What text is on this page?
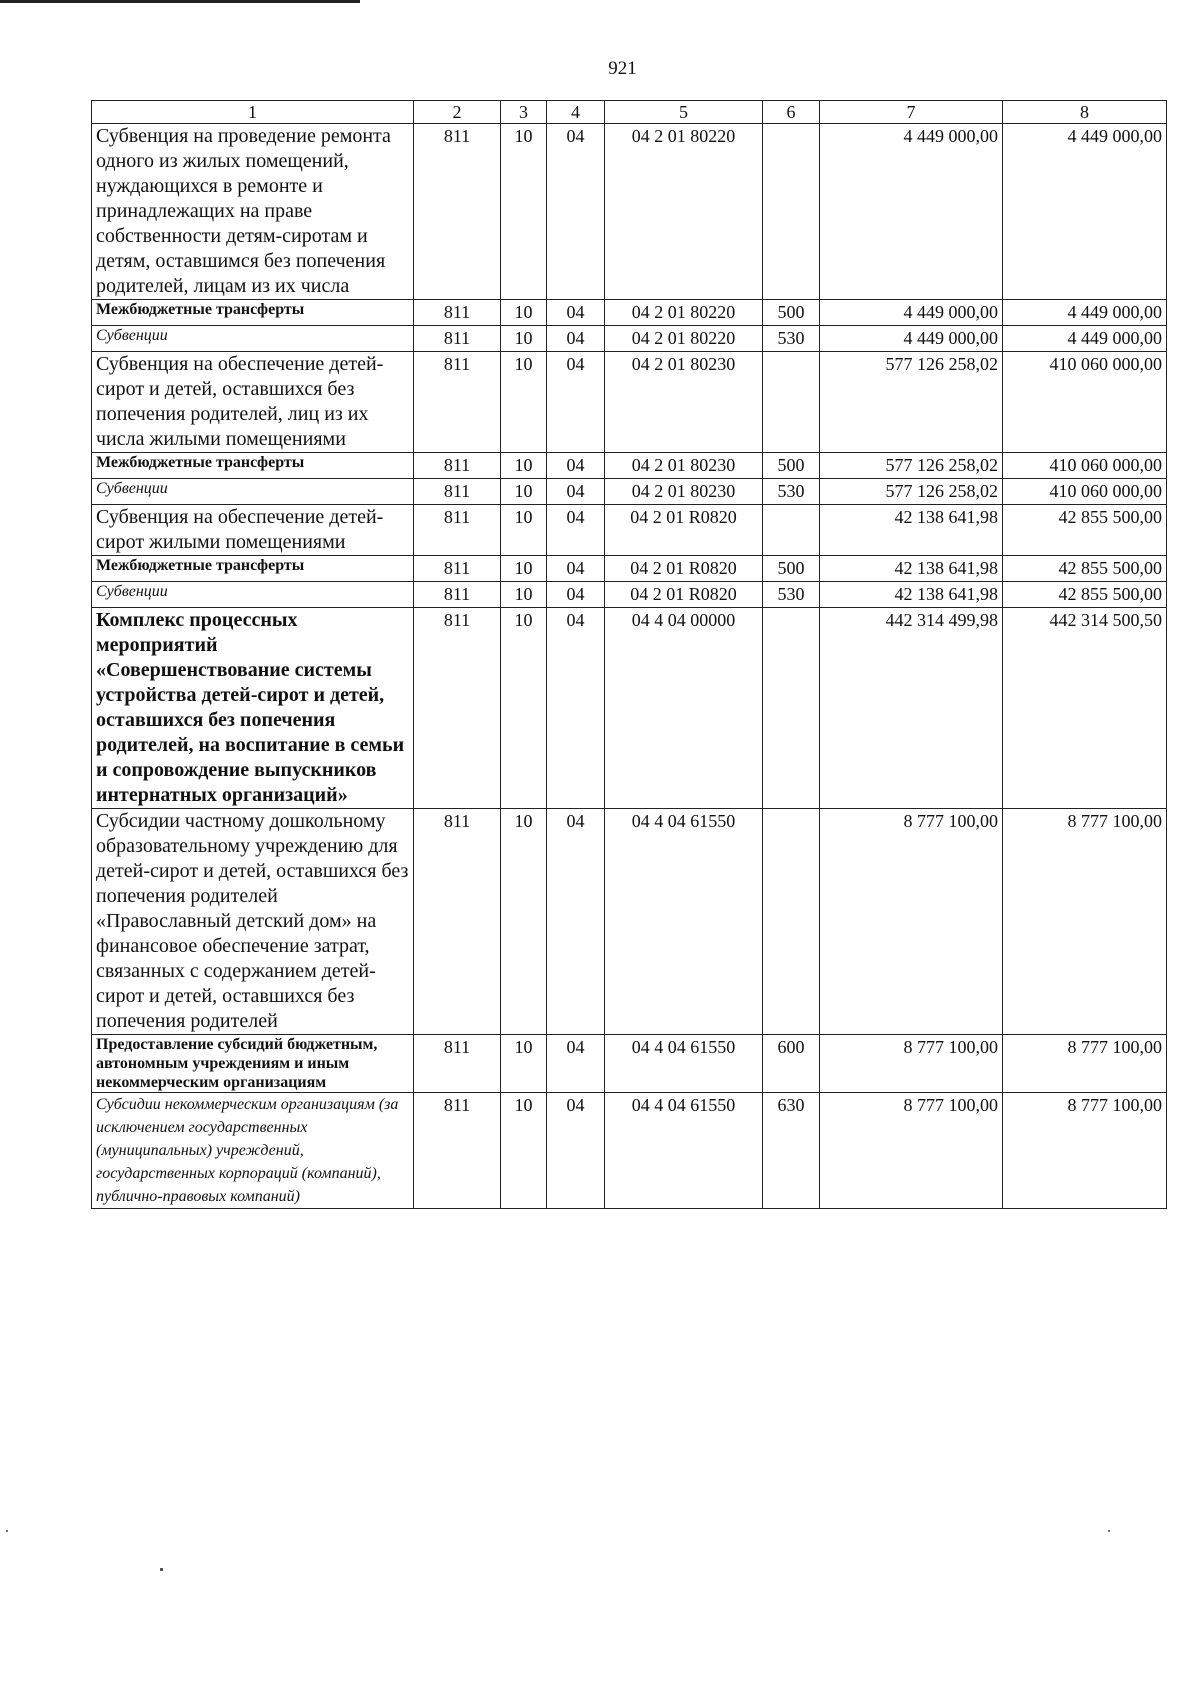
921
1	2	3	4	5	6	7	8
Субвенция на проведение ремонта одного из жилых помещений, нуждающихся в ремонте и принадлежащих на праве собственности детям-сиротам и детям, оставшимся без попечения родителей, лицам из их числа	811	10	04	04 2 01 80220		4 449 000,00	4 449 000,00
Межбюджетные трансферты	811	10	04	04 2 01 80220	500	4 449 000,00	4 449 000,00
Субвенции	811	10	04	04 2 01 80220	530	4 449 000,00	4 449 000,00
Субвенция на обеспечение детей-сирот и детей, оставшихся без попечения родителей, лиц из их числа жилыми помещениями	811	10	04	04 2 01 80230		577 126 258,02	410 060 000,00
Межбюджетные трансферты	811	10	04	04 2 01 80230	500	577 126 258,02	410 060 000,00
Субвенции	811	10	04	04 2 01 80230	530	577 126 258,02	410 060 000,00
Субвенция на обеспечение детей-сирот жилыми помещениями	811	10	04	04 2 01 R0820		42 138 641,98	42 855 500,00
Межбюджетные трансферты	811	10	04	04 2 01 R0820	500	42 138 641,98	42 855 500,00
Субвенции	811	10	04	04 2 01 R0820	530	42 138 641,98	42 855 500,00
Комплекс процессных мероприятий «Совершенствование системы устройства детей-сирот и детей, оставшихся без попечения родителей, на воспитание в семьи и сопровождение выпускников интернатных организаций»	811	10	04	04 4 04 00000		442 314 499,98	442 314 500,50
Субсидии частному дошкольному образовательному учреждению для детей-сирот и детей, оставшихся без попечения родителей «Православный детский дом» на финансовое обеспечение затрат, связанных с содержанием детей-сирот и детей, оставшихся без попечения родителей	811	10	04	04 4 04 61550		8 777 100,00	8 777 100,00
Предоставление субсидий бюджетным, автономным учреждениям и иным некоммерческим организациям	811	10	04	04 4 04 61550	600	8 777 100,00	8 777 100,00
Субсидии некоммерческим организациям (за исключением государственных (муниципальных) учреждений, государственных корпораций (компаний), публично-правовых компаний)	811	10	04	04 4 04 61550	630	8 777 100,00	8 777 100,00
